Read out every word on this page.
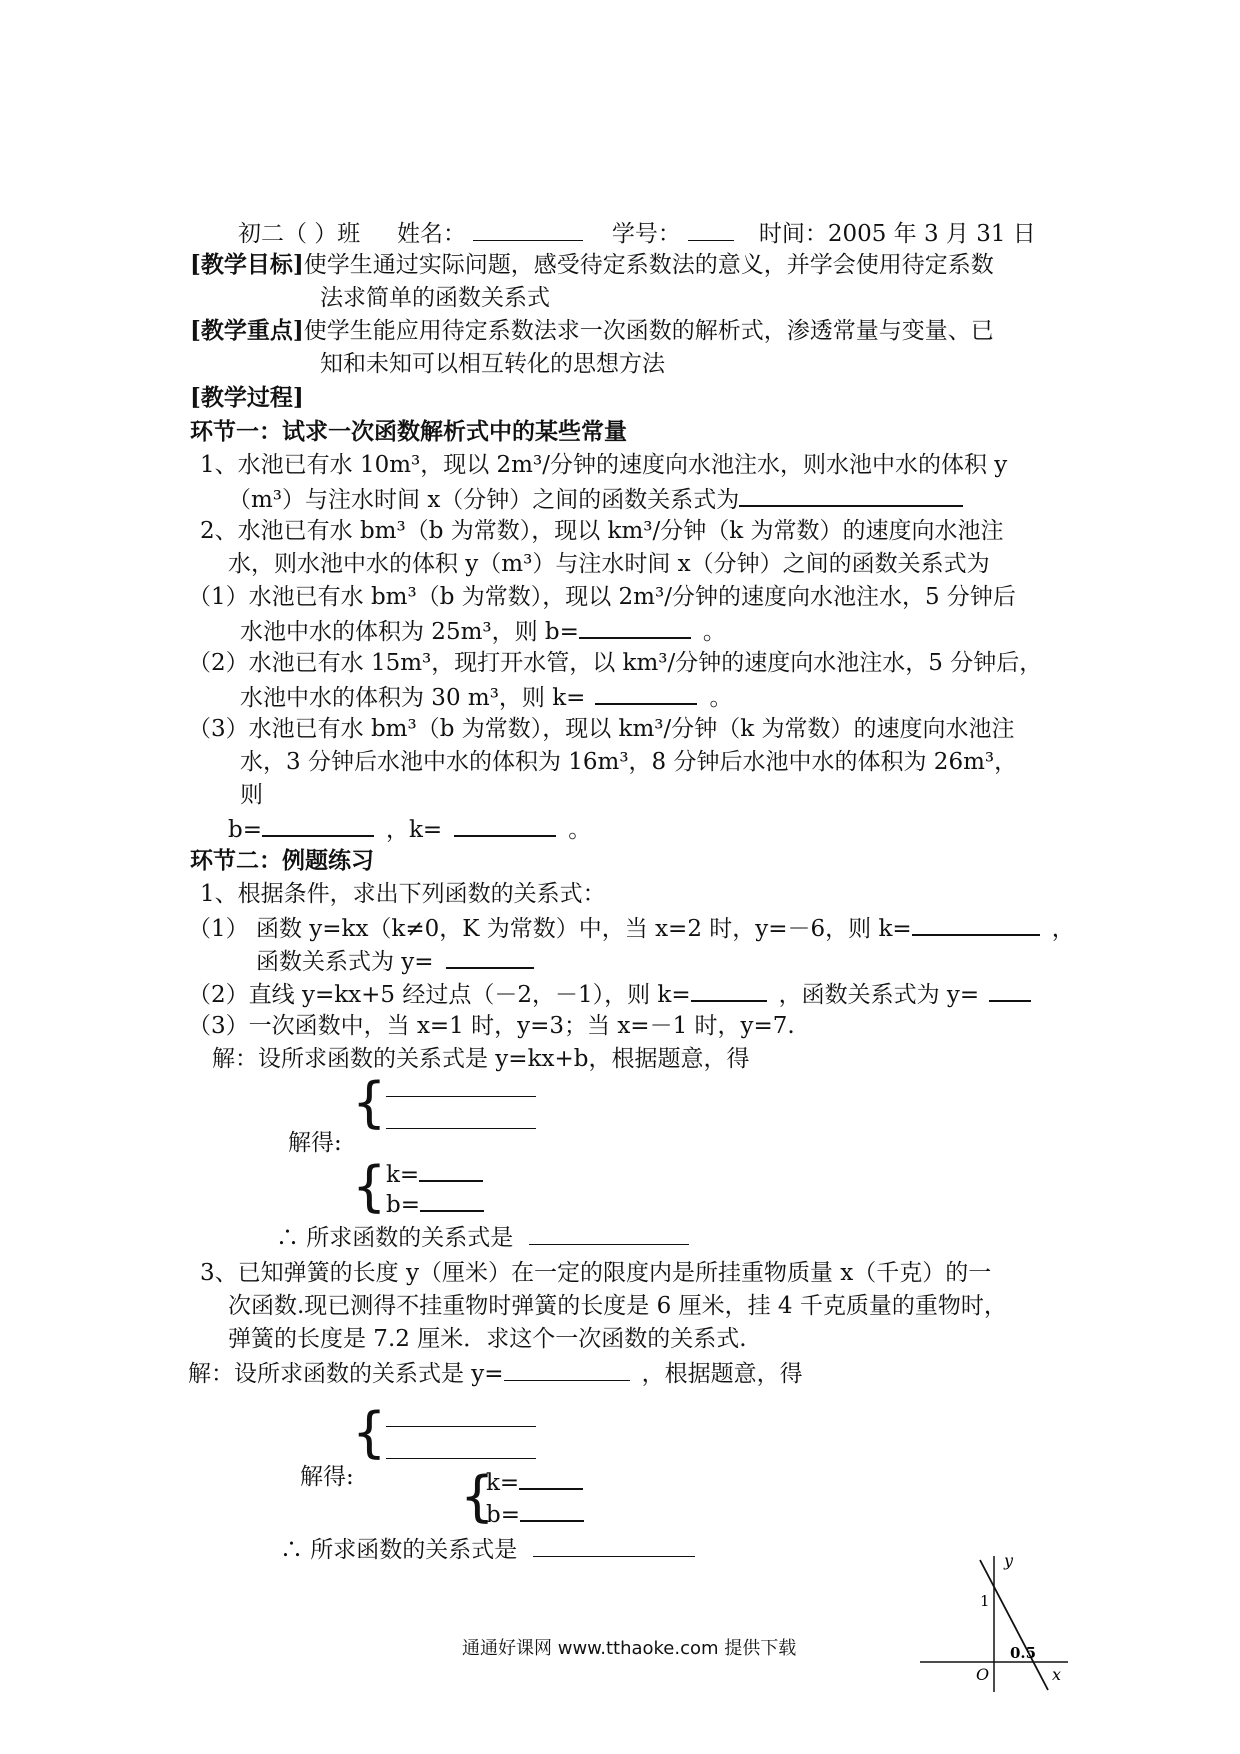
初二（ ）班 姓名：	学号：	时间：2005 年 3 月 31 日
[教学目标]使学生通过实际问题，感受待定系数法的意义，并学会使用待定系数
法求简单的函数关系式
[教学重点]使学生能应用待定系数法求一次函数的解析式，渗透常量与变量、已
知和未知可以相互转化的思想方法
[教学过程]
环节一：试求一次函数解析式中的某些常量
1、水池已有水 10m³，现以 2m³/分钟的速度向水池注水，则水池中水的体积 y
（m³）与注水时间 x（分钟）之间的函数关系式为
2、水池已有水 bm³（b 为常数），现以 km³/分钟（k 为常数）的速度向水池注
水，则水池中水的体积 y（m³）与注水时间 x（分钟）之间的函数关系式为
（1）水池已有水 bm³（b 为常数），现以 2m³/分钟的速度向水池注水，5 分钟后
水池中水的体积为 25m³，则 b=	。
（2）水池已有水 15m³，现打开水管，以 km³/分钟的速度向水池注水，5 分钟后，
水池中水的体积为 30 m³，则 k=	。
（3）水池已有水 bm³（b 为常数），现以 km³/分钟（k 为常数）的速度向水池注
水，3 分钟后水池中水的体积为 16m³，8 分钟后水池中水的体积为 26m³，
则
b=	，k=	。
环节二：例题练习
1、根据条件，求出下列函数的关系式：
（1） 函数 y=kx（k≠0，K 为常数）中，当 x=2 时，y=－6，则 k=	，
函数关系式为 y=
（2）直线 y=kx+5 经过点（－2，－1），则 k=	，函数关系式为 y=
（3）一次函数中，当 x=1 时，y=3；当 x=－1 时，y=7.
解：设所求函数的关系式是 y=kx+b，根据题意，得
{
解得:
{ k=
b=
∴ 所求函数的关系式是
3、已知弹簧的长度 y（厘米）在一定的限度内是所挂重物质量 x（千克）的一
次函数.现已测得不挂重物时弹簧的长度是 6 厘米，挂 4 千克质量的重物时，
弹簧的长度是 7.2 厘米．求这个一次函数的关系式.
解：设所求函数的关系式是 y=	，根据题意，得
{
解得: {
k=
b=
∴ 所求函数的关系式是	y
x
O
1
0.5
通通好课网 www.tthaoke.com 提供下载
